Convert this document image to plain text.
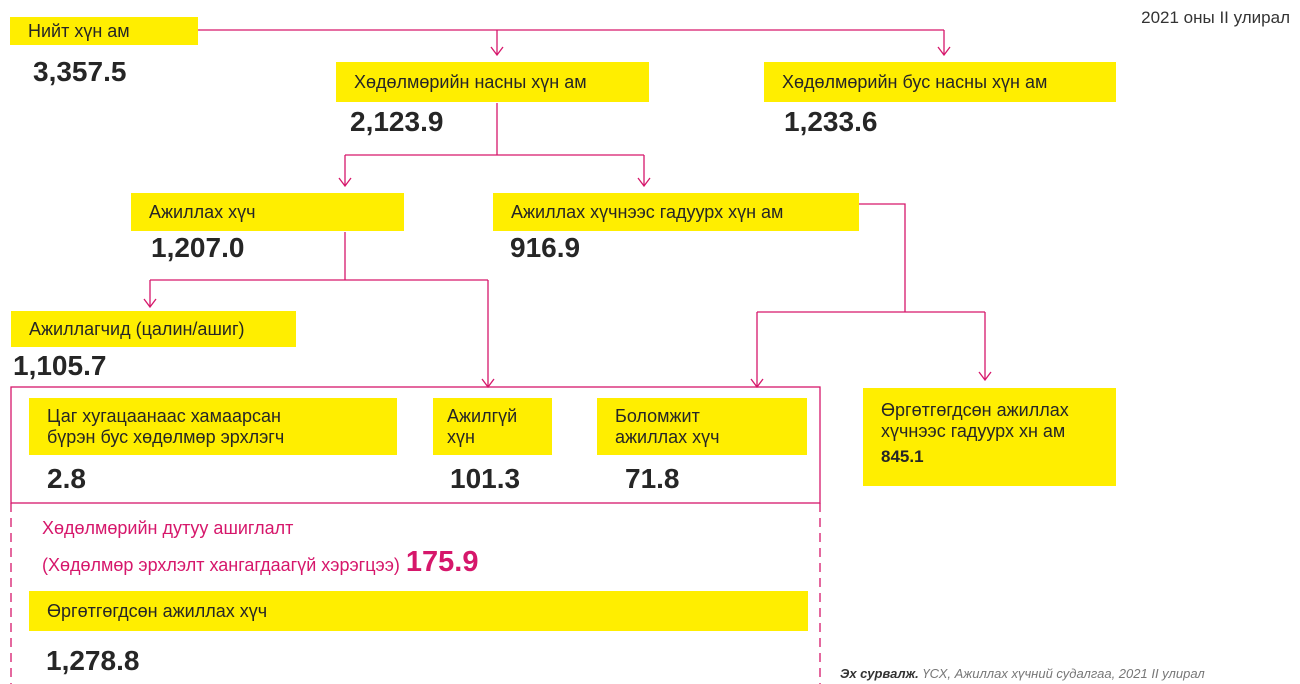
2021 оны II улирал
Нийт хүн ам
3,357.5	Хөдөлмөрийн насны хүн ам
2,123.9
Хөдөлмөрийн бус насны хүн ам
1,233.6
Ажиллах хүч
1,207.0
Ажиллах хүчнээс гадуурх хүн ам
916.9
Ажиллагчид (цалин/ашиг)
1,105.7
Цаг хугацаанаас хамаарсан
бүрэн бус хөдөлмөр эрхлэгч
2.8
Ажилгүй
хүн
101.3
Боломжит
ажиллах хүч
71.8
Өргөтгөгдсөн ажиллах
хүчнээс гадуурх хн ам
845.1
Хөдөлмөрийн дутуу ашиглалт
(Хөдөлмөр эрхлэлт хангагдаагүй хэрэгцээ) 175.9
Өргөтгөгдсөн ажиллах хүч
1,278.8	Эх сурвалж. ҮСХ, Ажиллах хүчний судалгаа, 2021 II улирал
